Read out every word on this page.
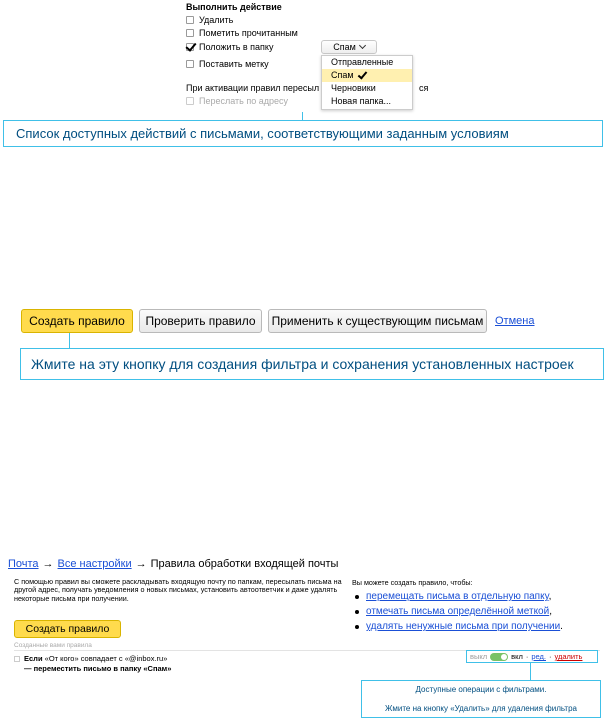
Выполнить действие
Удалить
Пометить прочитанным
Положить в папку
Поставить метку
Спам
Отправленные
Спам
Черновики
Новая папка...
При активации правил пересыл	ся
Переслать по адресу
Список доступных действий с письмами, соответствующими заданным условиям
Создать правило	Проверить правило	Применить к существующим письмам	Отмена
Жмите на эту кнопку для создания фильтра и сохранения установленных настроек
Почта → Все настройки → Правила обработки входящей почты
С помощью правил вы сможете раскладывать входящую почту по папкам, пересылать письма на другой адрес, получать уведомления о новых письмах, установить автоответчик и даже удалять некоторые письма при получении.
Создать правило
Созданные вами правила
Если «От кого» совпадает с «@inbox.ru»
— переместить письмо в папку «Спам»
Вы можете создать правило, чтобы:
перемещать письма в отдельную папку,
отмечать письма определённой меткой,
удалять ненужные письма при получении.
выкл	вкл · ред. · удалить
Доступные операции с фильтрами.
Жмите на кнопку «Удалить» для удаления фильтра
